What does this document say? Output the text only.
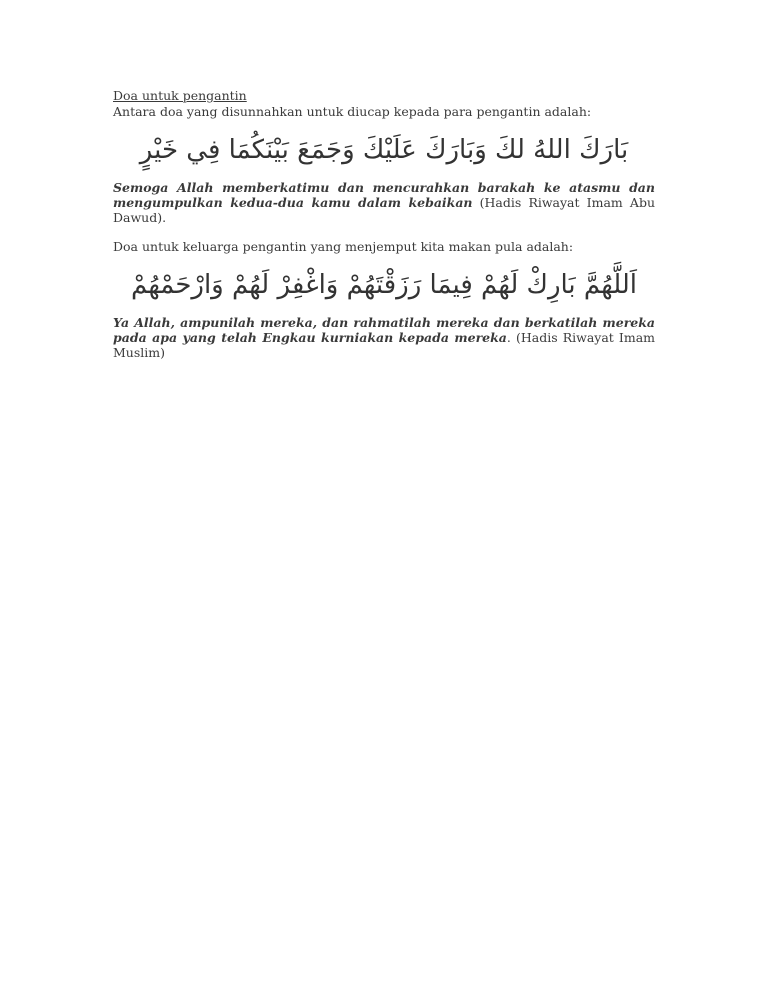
Doa untuk pengantin

Antara doa yang disunnahkan untuk diucap kepada para pengantin adalah:

بَارَكَ اللهُ لكَ وَبَارَكَ عَلَيْكَ وَجَمَعَ بَيْنَكُمَا فِي خَيْرٍ

Semoga Allah memberkatimu dan mencurahkan barakah ke atasmu dan mengumpulkan kedua-dua kamu dalam kebaikan (Hadis Riwayat Imam Abu Dawud).

Doa untuk keluarga pengantin yang menjemput kita makan pula adalah:

اَللَّهُمَّ بَارِكْ لَهُمْ فِيمَا رَزَقْتَهُمْ وَاغْفِرْ لَهُمْ وَارْحَمْهُمْ

Ya Allah, ampunilah mereka, dan rahmatilah mereka dan berkatilah mereka pada apa yang telah Engkau kurniakan kepada mereka. (Hadis Riwayat Imam Muslim)
